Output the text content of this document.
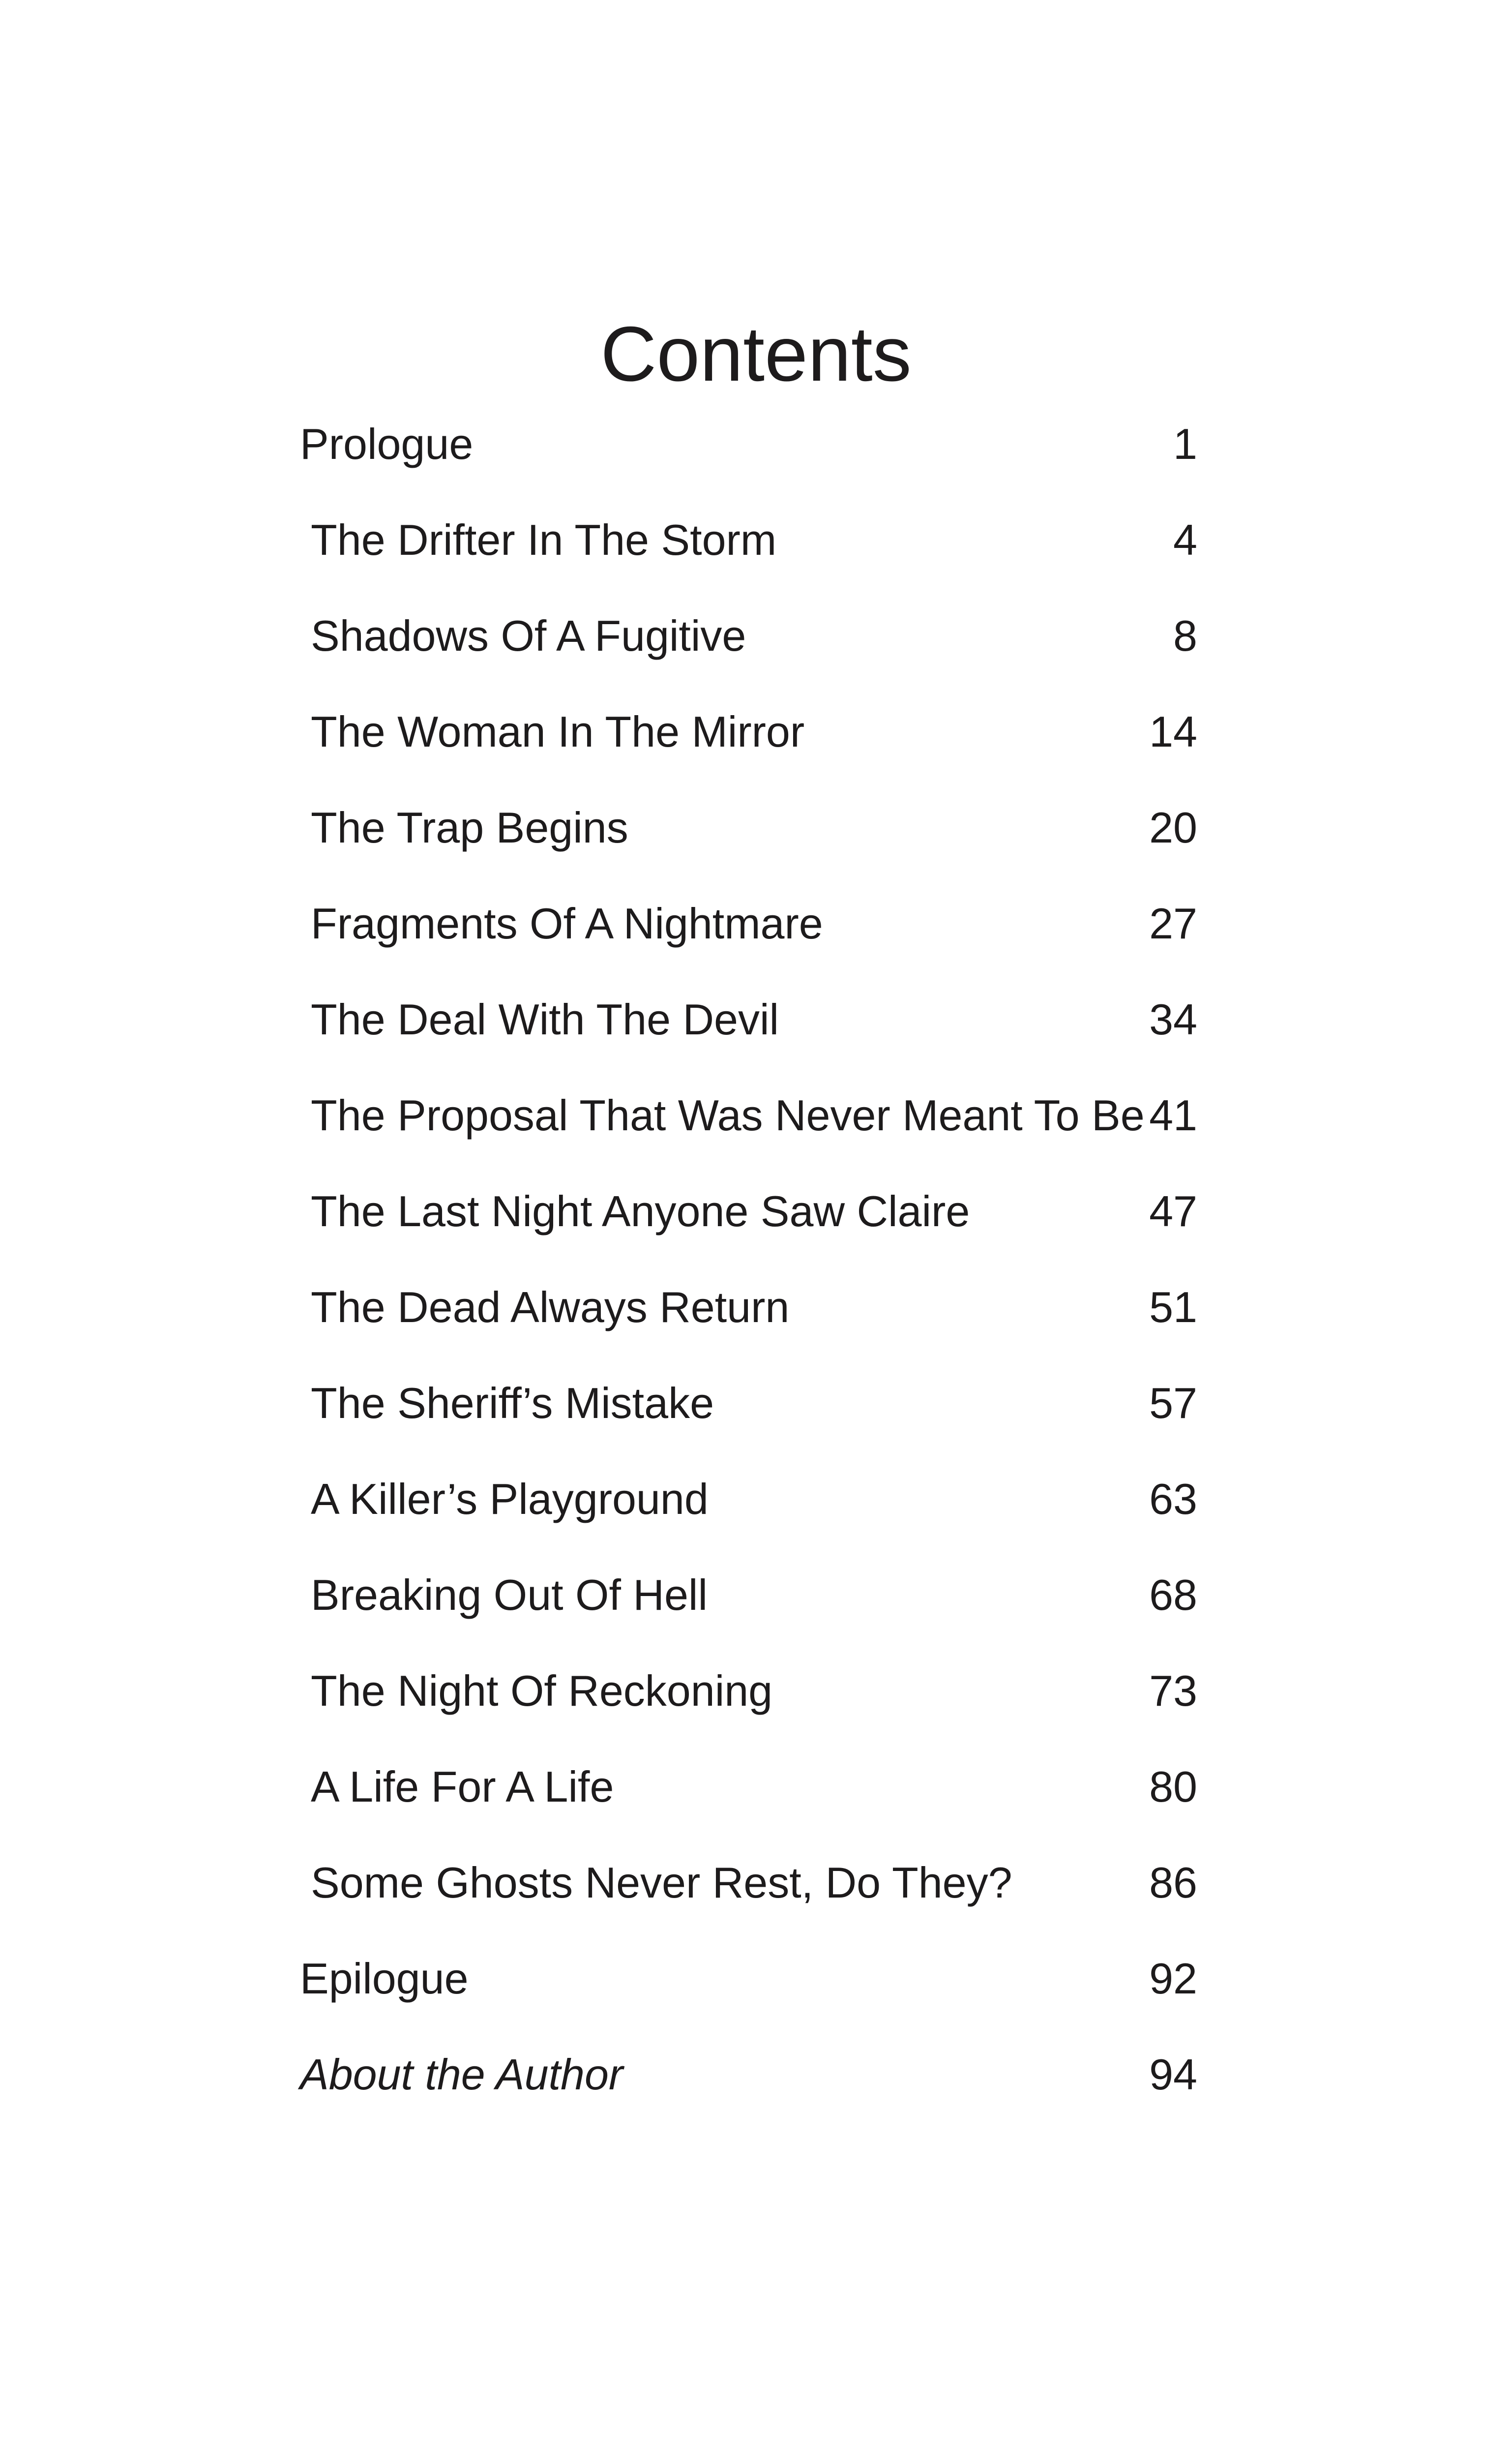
Contents
Prologue	1
The Drifter In The Storm	4
Shadows Of A Fugitive	8
The Woman In The Mirror	14
The Trap Begins	20
Fragments Of A Nightmare	27
The Deal With The Devil	34
The Proposal That Was Never Meant To Be 41
The Last Night Anyone Saw Claire	47
The Dead Always Return	51
The Sheriff’s Mistake	57
A Killer’s Playground	63
Breaking Out Of Hell	68
The Night Of Reckoning	73
A Life For A Life	80
Some Ghosts Never Rest, Do They?	86
Epilogue	92
About the Author	94
